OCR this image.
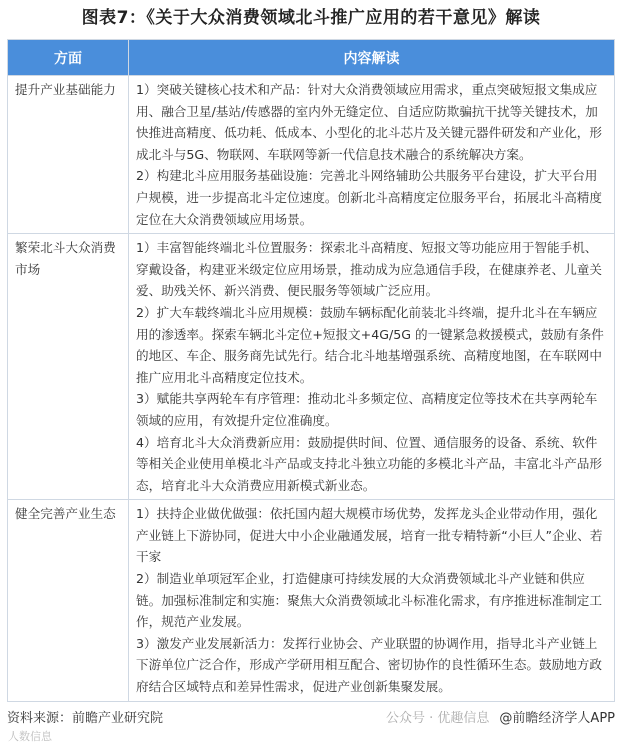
图表7：《关于大众消费领域北斗推广应用的若干意见》解读
方面	内容解读
提升产业基础能力	1）突破关键核心技术和产品：针对大众消费领域应用需求，重点突破短报文集成应用、融合卫星/基站/传感器的室内外无缝定位、自适应防欺骗抗干扰等关键技术，加快推进高精度、低功耗、低成本、小型化的北斗芯片及关键元器件研发和产业化，形成北斗与5G、物联网、车联网等新一代信息技术融合的系统解决方案。

2）构建北斗应用服务基础设施：完善北斗网络辅助公共服务平台建设，扩大平台用户规模，进一步提高北斗定位速度。创新北斗高精度定位服务平台，拓展北斗高精度定位在大众消费领域应用场景。

繁荣北斗大众消费市场	1）丰富智能终端北斗位置服务：探索北斗高精度、短报文等功能应用于智能手机、穿戴设备，构建亚米级定位应用场景，推动成为应急通信手段，在健康养老、儿童关爱、助残关怀、新兴消费、便民服务等领域广泛应用。

2）扩大车载终端北斗应用规模：鼓励车辆标配化前装北斗终端，提升北斗在车辆应用的渗透率。探索车辆北斗定位+短报文+4G/5G 的一键紧急救援模式，鼓励有条件的地区、车企、服务商先试先行。结合北斗地基增强系统、高精度地图，在车联网中推广应用北斗高精度定位技术。

3）赋能共享两轮车有序管理：推动北斗多频定位、高精度定位等技术在共享两轮车领域的应用，有效提升定位准确度。

4）培育北斗大众消费新应用：鼓励提供时间、位置、通信服务的设备、系统、软件等相关企业使用单模北斗产品或支持北斗独立功能的多模北斗产品，丰富北斗产品形态，培育北斗大众消费应用新模式新业态。

健全完善产业生态	1）扶持企业做优做强：依托国内超大规模市场优势，发挥龙头企业带动作用，强化产业链上下游协同，促进大中小企业融通发展，培育一批专精特新“小巨人”企业、若干家

2）制造业单项冠军企业，打造健康可持续发展的大众消费领域北斗产业链和供应链。加强标准制定和实施：聚焦大众消费领域北斗标准化需求，有序推进标准制定工作，规范产业发展。

3）激发产业发展新活力：发挥行业协会、产业联盟的协调作用，指导北斗产业链上下游单位广泛合作，形成产学研用相互配合、密切协作的良性循环生态。鼓励地方政府结合区域特点和差异性需求，促进产业创新集聚发展。

资料来源：前瞻产业研究院	公众号 · 优趣信息 @前瞻经济学人APP
人数信息
